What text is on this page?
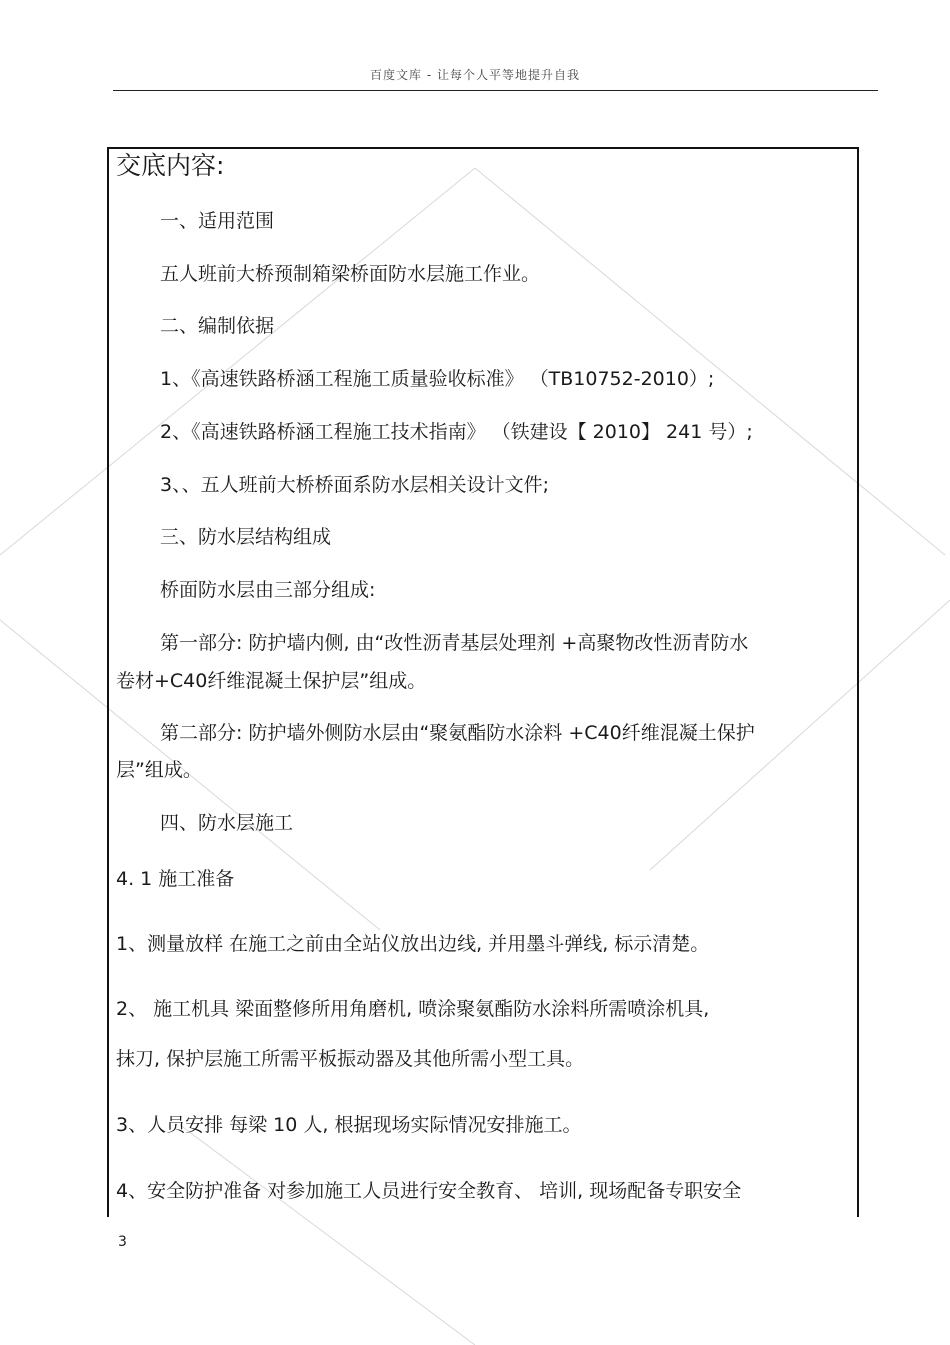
百度文库 - 让每个人平等地提升自我
交底内容:
一、适用范围
五人班前大桥预制箱梁桥面防水层施工作业。
二、编制依据
1、《高速铁路桥涵工程施工质量验收标准》 （TB10752-2010）;
2、《高速铁路桥涵工程施工技术指南》 （铁建设【 2010】 241 号）;
3、、五人班前大桥桥面系防水层相关设计文件;
三、防水层结构组成
桥面防水层由三部分组成:
第一部分: 防护墙内侧, 由“改性沥青基层处理剂 +高聚物改性沥青防水
卷材+C40纤维混凝土保护层”组成。
第二部分: 防护墙外侧防水层由“聚氨酯防水涂料 +C40纤维混凝土保护
层”组成。
四、防水层施工
4. 1 施工准备
1、测量放样 在施工之前由全站仪放出边线, 并用墨斗弹线, 标示清楚。
2、 施工机具 梁面整修所用角磨机, 喷涂聚氨酯防水涂料所需喷涂机具,
抹刀, 保护层施工所需平板振动器及其他所需小型工具。
3、人员安排 每梁 10 人, 根据现场实际情况安排施工。
4、安全防护准备 对参加施工人员进行安全教育、 培训, 现场配备专职安全
3
